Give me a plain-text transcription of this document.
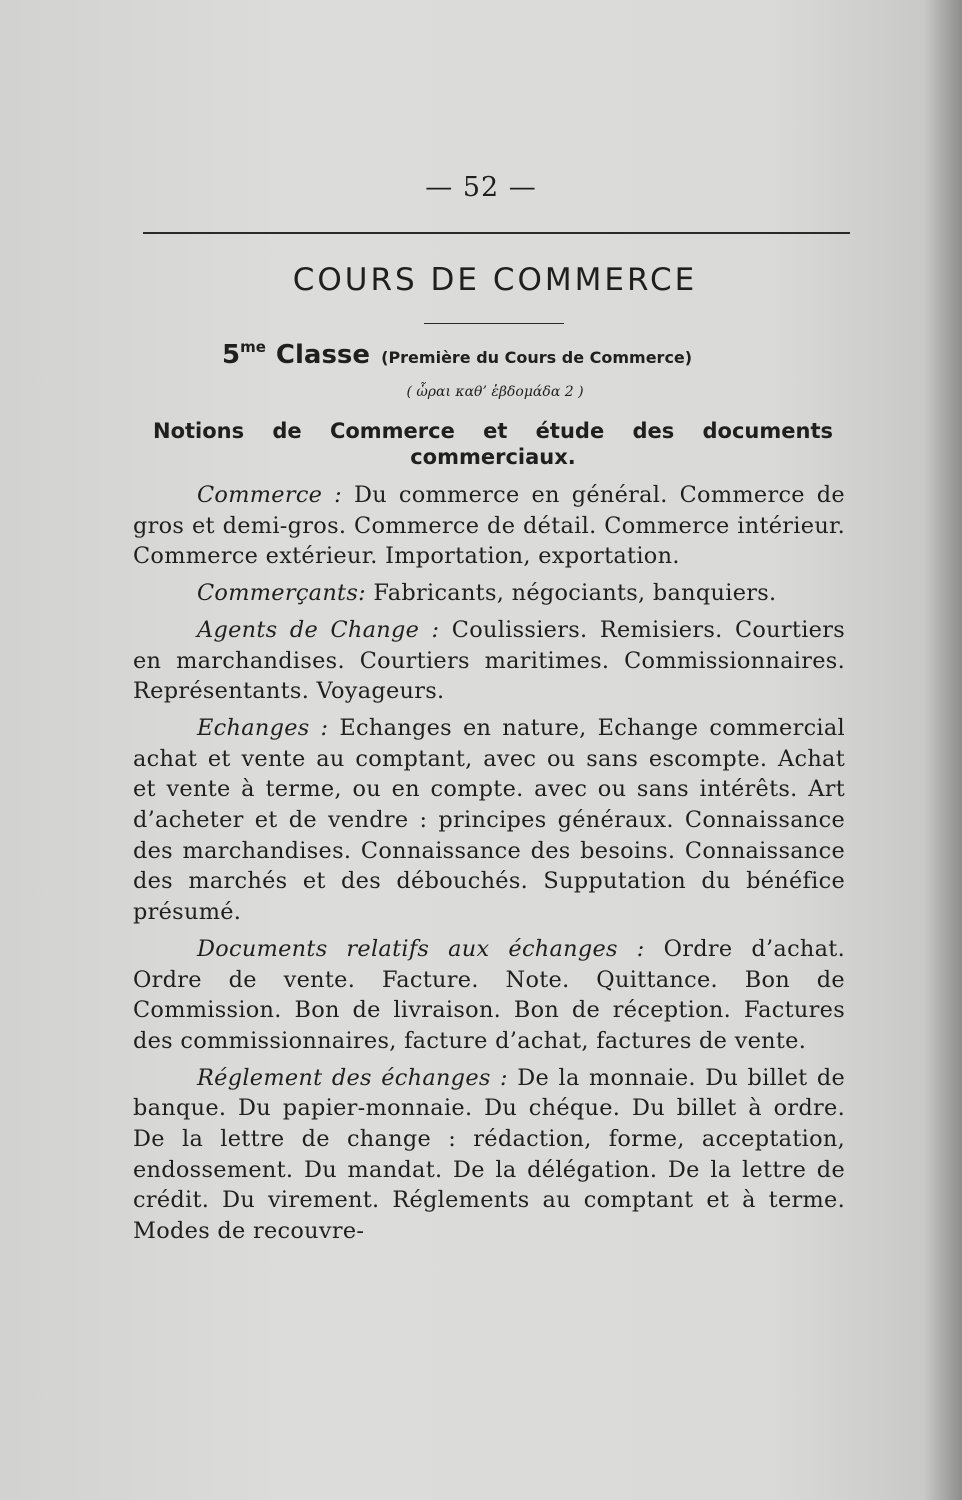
— 52 —
COURS DE COMMERCE
5me Classe (Première du Cours de Commerce)
( ὧραι καθ’ ἑβδομάδα 2 )
Notions de Commerce et étude des documents commerciaux.

Commerce : Du commerce en général. Commerce de gros et demi-gros. Commerce de détail. Commerce intérieur. Commerce extérieur. Importation, exportation.

Commerçants: Fabricants, négociants, banquiers.

Agents de Change : Coulissiers. Remisiers. Courtiers en marchandises. Courtiers maritimes. Commissionnaires. Représentants. Voyageurs.

Echanges : Echanges en nature, Echange commercial achat et vente au comptant, avec ou sans escompte. Achat et vente à terme, ou en compte. avec ou sans intérêts. Art d’acheter et de vendre : principes généraux. Connaissance des marchandises. Connaissance des besoins. Connaissance des marchés et des débouchés. Supputation du bénéfice présumé.

Documents relatifs aux échanges : Ordre d’achat. Ordre de vente. Facture. Note. Quittance. Bon de Commission. Bon de livraison. Bon de réception. Factures des commissionnaires, facture d’achat, factures de vente.

Réglement des échanges : De la monnaie. Du billet de banque. Du papier-monnaie. Du chéque. Du billet à ordre. De la lettre de change : rédaction, forme, acceptation, endossement. Du mandat. De la délégation. De la lettre de crédit. Du virement. Réglements au comptant et à terme. Modes de recouvre-
